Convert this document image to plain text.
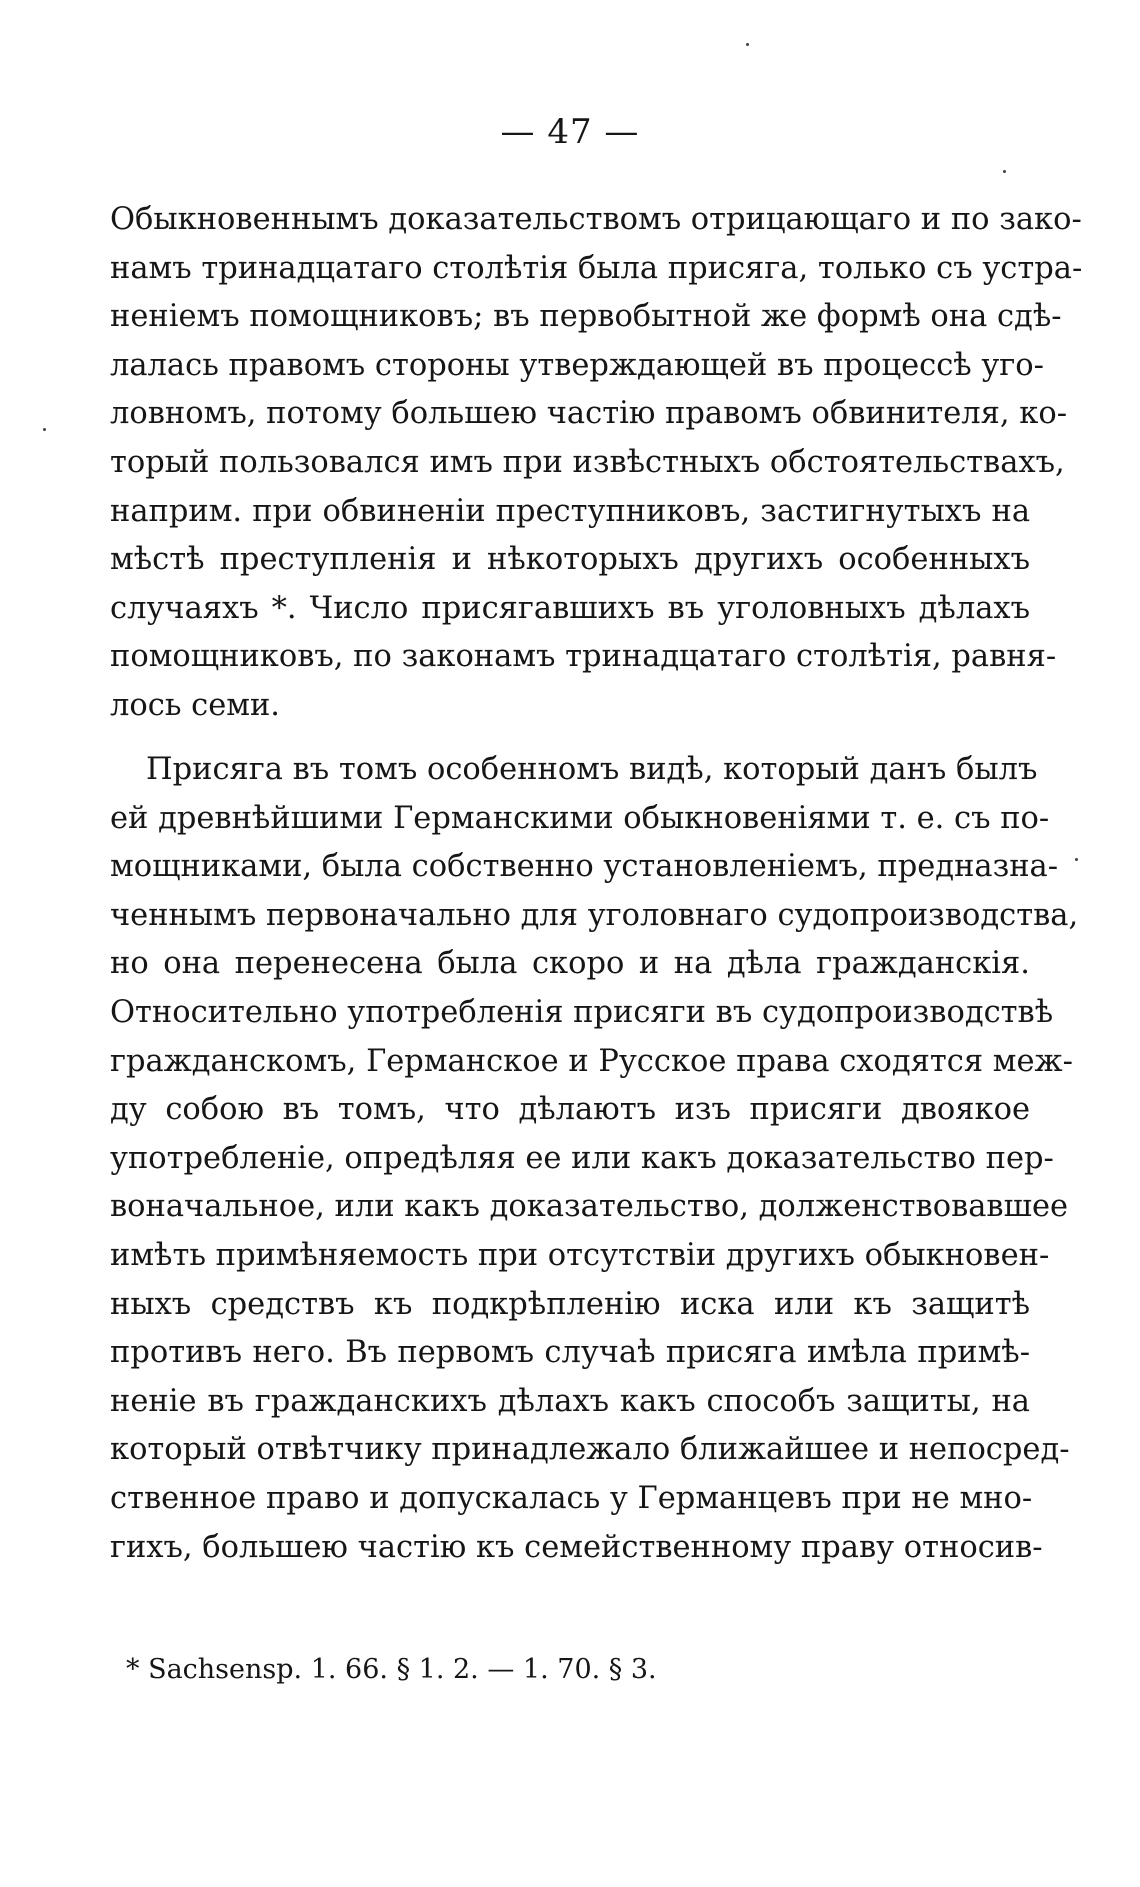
— 47 —
Обыкновеннымъ доказательствомъ отрицающаго и по зако-
намъ тринадцатаго столѣтія была присяга, только съ устра-
неніемъ помощниковъ; въ первобытной же формѣ она сдѣ-
лалась правомъ стороны утверждающей въ процессѣ уго-
ловномъ, потому большею частію правомъ обвинителя, ко-
торый пользовался имъ при извѣстныхъ обстоятельствахъ,
наприм. при обвиненіи преступниковъ, застигнутыхъ на
мѣстѣ преступленія и нѣкоторыхъ другихъ особенныхъ
случаяхъ *. Число присягавшихъ въ уголовныхъ дѣлахъ
помощниковъ, по законамъ тринадцатаго столѣтія, равня-
лось семи.
Присяга въ томъ особенномъ видѣ, который данъ былъ
ей древнѣйшими Германскими обыкновеніями т. е. съ по-
мощниками, была собственно установленіемъ, предназна-
ченнымъ первоначально для уголовнаго судопроизводства,
но она перенесена была скоро и на дѣла гражданскія.
Относительно употребленія присяги въ судопроизводствѣ
гражданскомъ, Германское и Русское права сходятся меж-
ду собою въ томъ, что дѣлаютъ изъ присяги двоякое
употребленіе, опредѣляя ее или какъ доказательство пер-
воначальное, или какъ доказательство, долженствовавшее
имѣть примѣняемость при отсутствіи другихъ обыкновен-
ныхъ средствъ къ подкрѣпленію иска или къ защитѣ
противъ него. Въ первомъ случаѣ присяга имѣла примѣ-
неніе въ гражданскихъ дѣлахъ какъ способъ защиты, на
который отвѣтчику принадлежало ближайшее и непосред-
ственное право и допускалась у Германцевъ при не мно-
гихъ, большею частію къ семейственному праву относив-
* Sachsensp. 1. 66. § 1. 2. — 1. 70. § 3.
